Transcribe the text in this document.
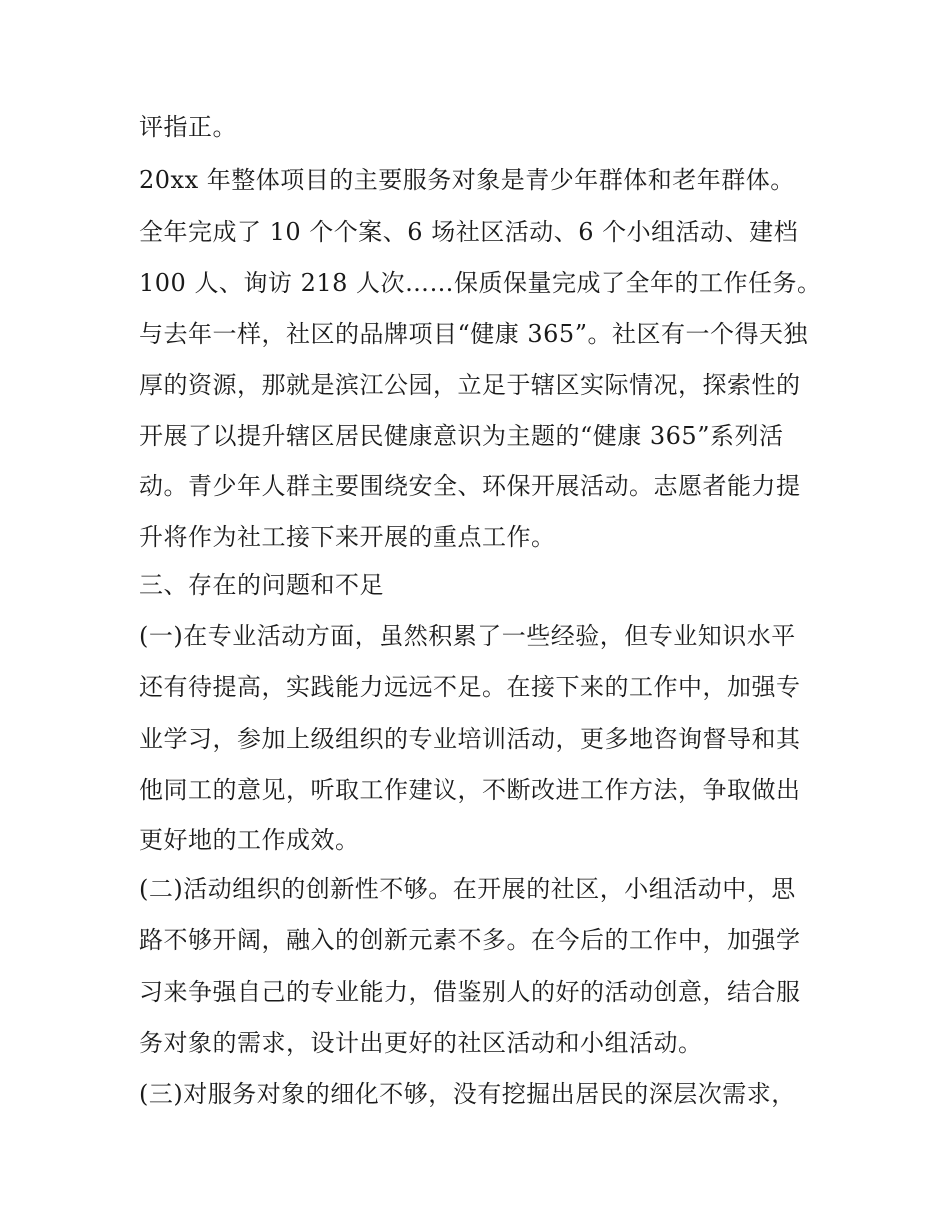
评指正。

20xx 年整体项目的主要服务对象是青少年群体和老年群体。

全年完成了 10 个个案、6 场社区活动、6 个小组活动、建档

100 人、询访 218 人次……保质保量完成了全年的工作任务。

与去年一样，社区的品牌项目“健康 365”。社区有一个得天独

厚的资源，那就是滨江公园，立足于辖区实际情况，探索性的

开展了以提升辖区居民健康意识为主题的“健康 365”系列活

动。青少年人群主要围绕安全、环保开展活动。志愿者能力提

升将作为社工接下来开展的重点工作。

三、存在的问题和不足

(一)在专业活动方面，虽然积累了一些经验，但专业知识水平

还有待提高，实践能力远远不足。在接下来的工作中，加强专

业学习，参加上级组织的专业培训活动，更多地咨询督导和其

他同工的意见，听取工作建议，不断改进工作方法，争取做出

更好地的工作成效。

(二)活动组织的创新性不够。在开展的社区，小组活动中，思

路不够开阔，融入的创新元素不多。在今后的工作中，加强学

习来争强自己的专业能力，借鉴别人的好的活动创意，结合服

务对象的需求，设计出更好的社区活动和小组活动。

(三)对服务对象的细化不够，没有挖掘出居民的深层次需求，
